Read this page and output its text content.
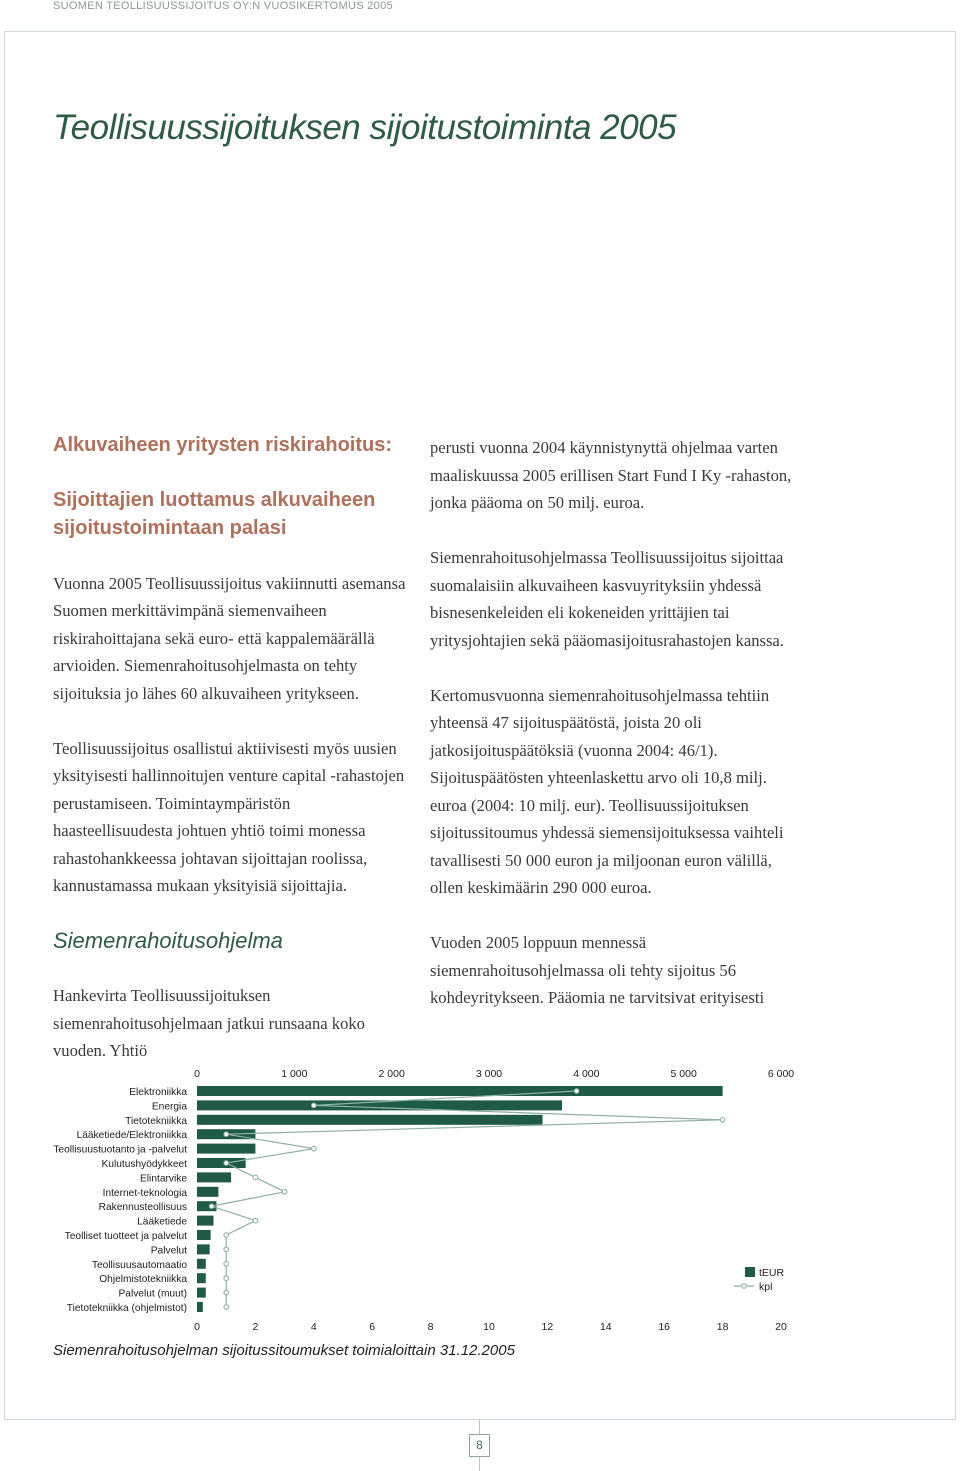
SUOMEN TEOLLISUUSSIJOITUS OY:N VUOSIKERTOMUS 2005
Teollisuussijoituksen sijoitustoiminta 2005

Alkuvaiheen yritysten riskirahoitus:

Sijoittajien luottamus alkuvaiheen sijoitustoimintaan palasi

Vuonna 2005 Teollisuussijoitus vakiinnutti asemansa Suomen merkittävimpänä siemenvaiheen riskirahoittajana sekä euro- että kappalemäärällä arvioiden. Siemenrahoitusohjelmasta on tehty sijoituksia jo lähes 60 alkuvaiheen yritykseen.

Teollisuussijoitus osallistui aktiivisesti myös uusien yksityisesti hallinnoitujen venture capital -rahastojen perustamiseen. Toimintaympäristön haasteellisuudesta johtuen yhtiö toimi monessa rahastohankkeessa johtavan sijoittajan roolissa, kannustamassa mukaan yksityisiä sijoittajia.

Siemenrahoitusohjelma

Hankevirta Teollisuussijoituksen siemenrahoitusohjelmaan jatkui runsaana koko vuoden. Yhtiö

perusti vuonna 2004 käynnistynyttä ohjelmaa varten maaliskuussa 2005 erillisen Start Fund I Ky -rahaston, jonka pääoma on 50 milj. euroa.

Siemenrahoitusohjelmassa Teollisuussijoitus sijoittaa suomalaisiin alkuvaiheen kasvuyrityksiin yhdessä bisnesenkeleiden eli kokeneiden yrittäjien tai yritysjohtajien sekä pääomasijoitusrahastojen kanssa.

Kertomusvuonna siemenrahoitusohjelmassa tehtiin yhteensä 47 sijoituspäätöstä, joista 20 oli jatkosijoituspäätöksiä (vuonna 2004: 46/1). Sijoituspäätösten yhteenlaskettu arvo oli 10,8 milj. euroa (2004: 10 milj. eur). Teollisuussijoituksen sijoitussitoumus yhdessä siemensijoituksessa vaihteli tavallisesti 50 000 euron ja miljoonan euron välillä, ollen keskimäärin 290 000 euroa.

Vuoden 2005 loppuun mennessä siemenrahoitusohjelmassa oli tehty sijoitus 56 kohdeyritykseen. Pääomia ne tarvitsivat erityisesti

0	1 000	2 000	3 000	4 000	5 000	6 000
Elektroniikka
Energia
Tietotekniikka
Lääketiede/Elektroniikka
Teollisuustuotanto ja -palvelut
Kulutushyödykkeet
Elintarvike
Internet-teknologia
Rakennusteollisuus
Lääketiede
Teolliset tuotteet ja palvelut
Palvelut
Teollisuusautomaatio
Ohjelmistotekniikka
Palvelut (muut)
Tietotekniikka (ohjelmistot)
0	2	4	6	8	10	12	14	16	18	20
tEUR
kpl

Siemenrahoitusohjelman sijoitussitoumukset toimialoittain 31.12.2005

8
